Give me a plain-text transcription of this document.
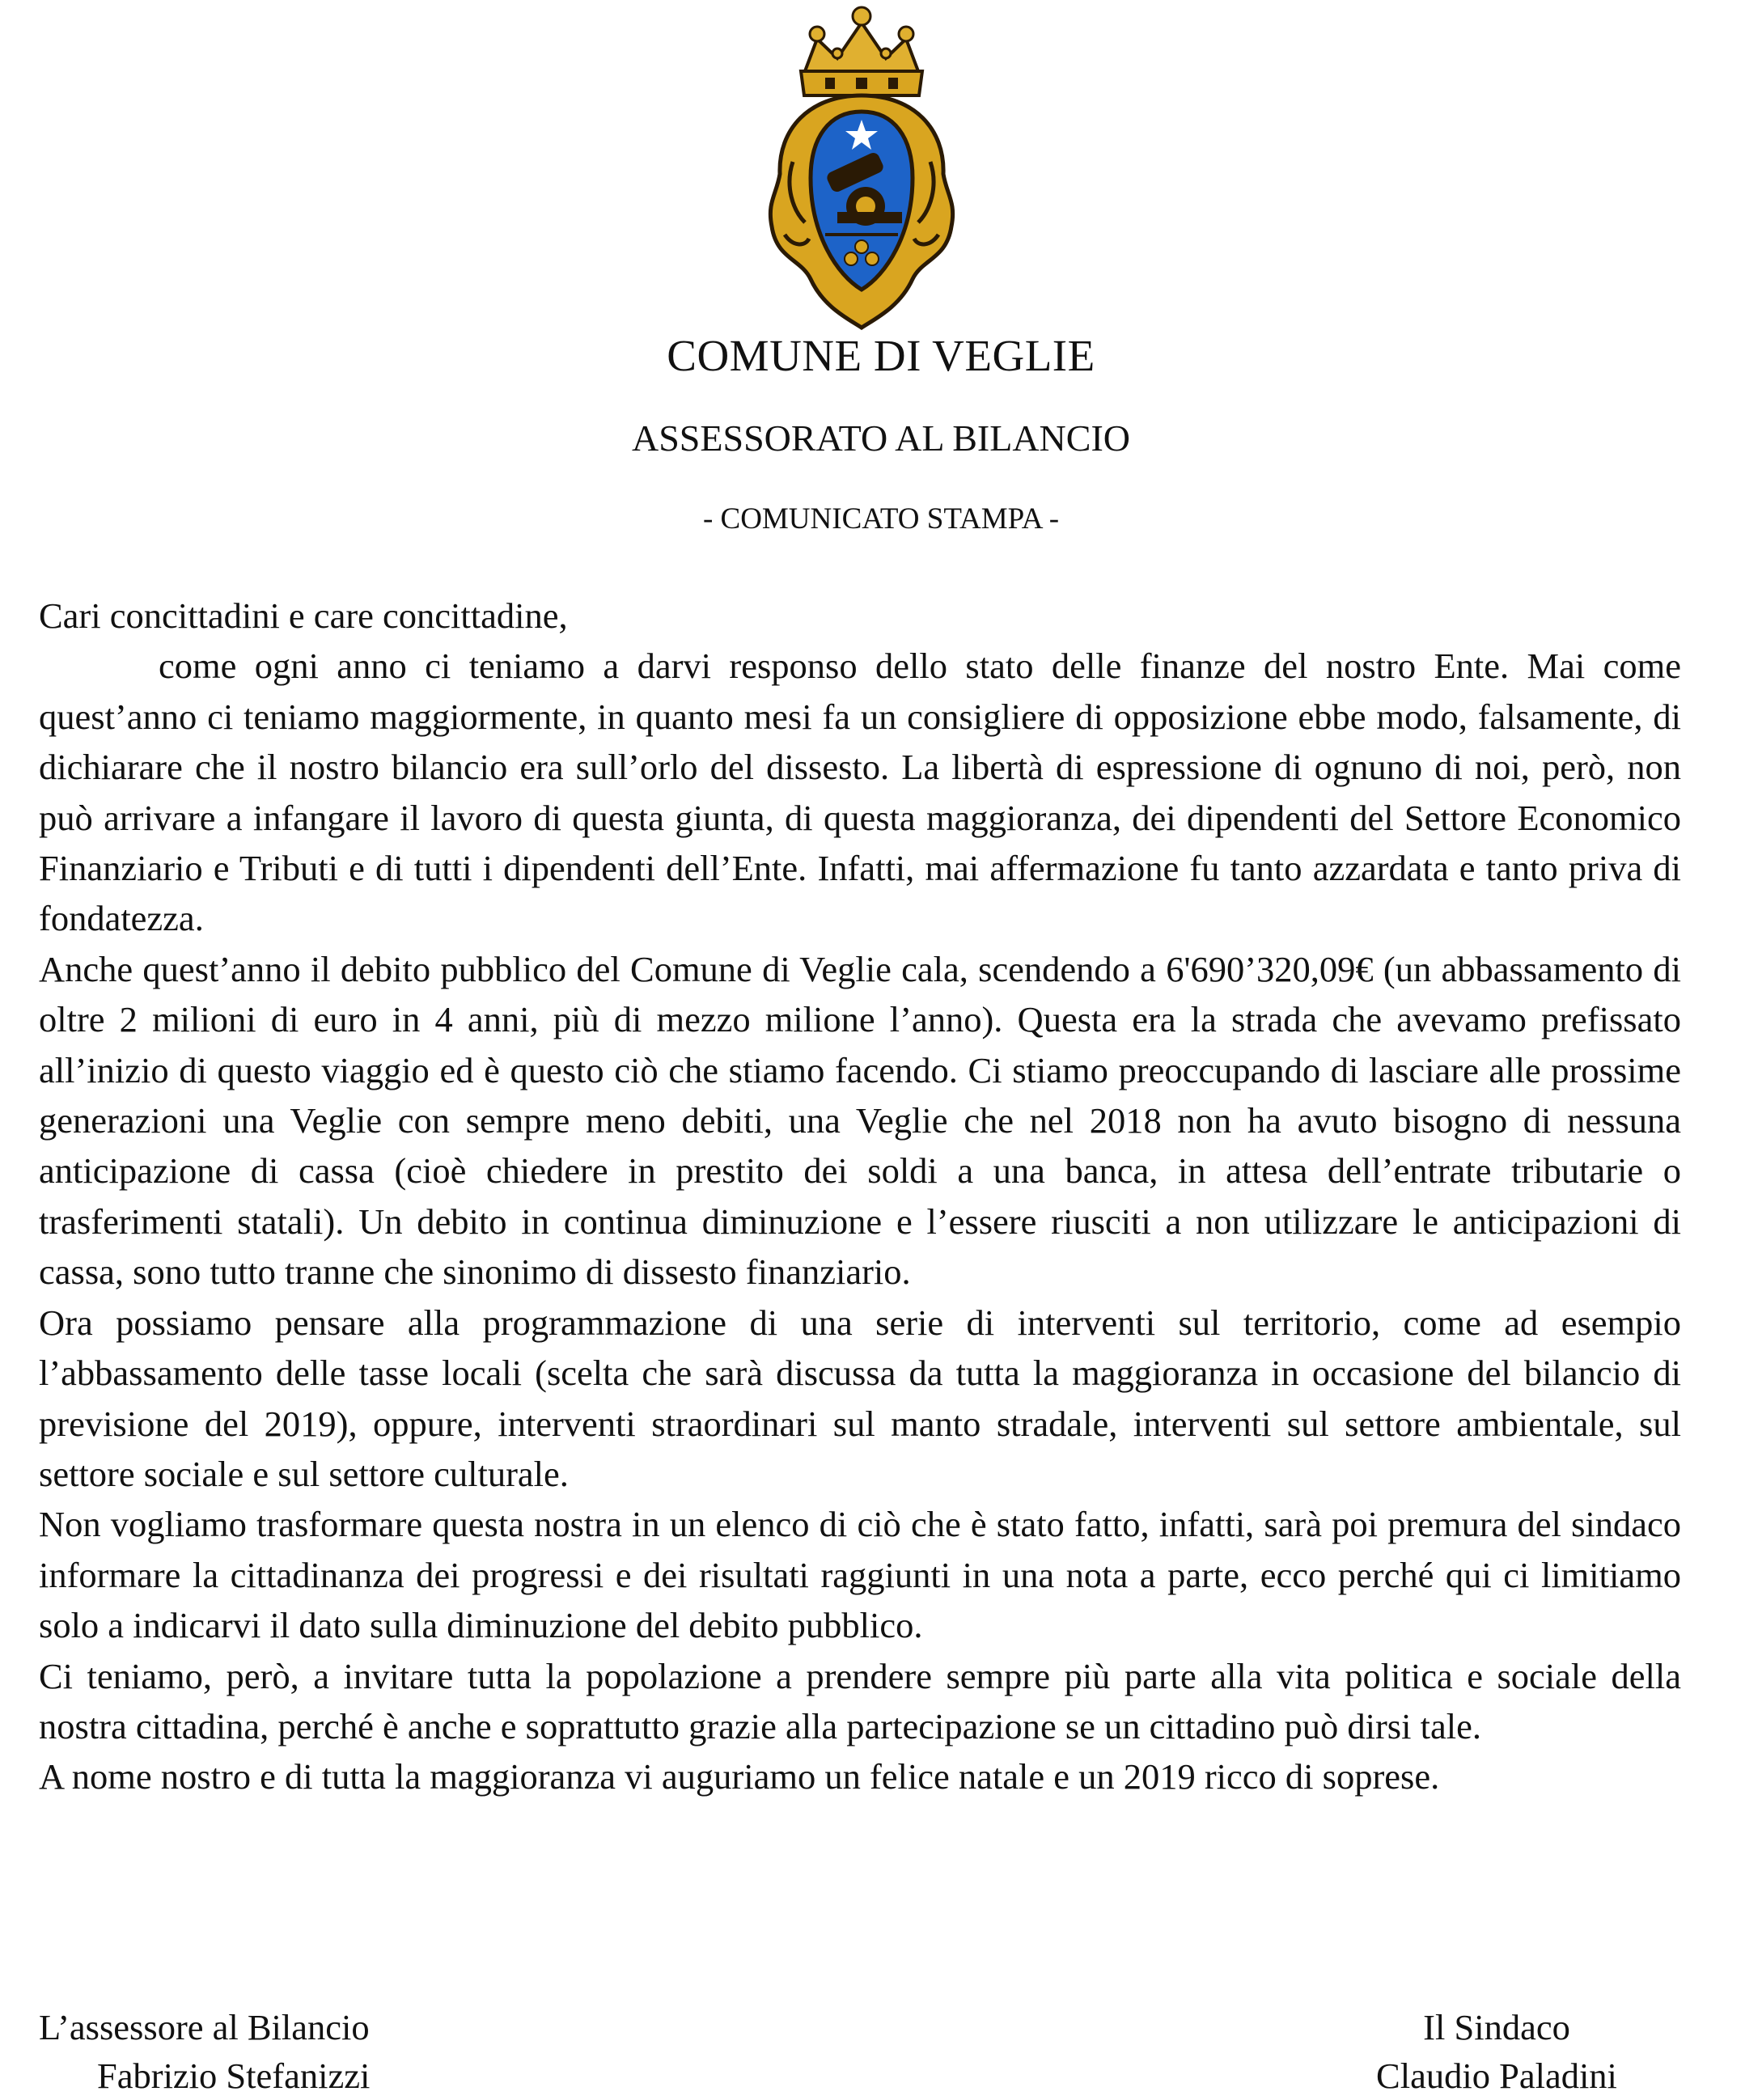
COMUNE DI VEGLIE
ASSESSORATO AL BILANCIO
- COMUNICATO STAMPA -

Cari concittadini e care concittadine,

come ogni anno ci teniamo a darvi responso dello stato delle finanze del nostro Ente. Mai come quest’anno ci teniamo maggiormente, in quanto mesi fa un consigliere di opposizione ebbe modo, falsamente, di dichiarare che il nostro bilancio era sull’orlo del dissesto. La libertà di espressione di ognuno di noi, però, non può arrivare a infangare il lavoro di questa giunta, di questa maggioranza, dei dipendenti del Settore Economico Finanziario e Tributi e di tutti i dipendenti dell’Ente. Infatti, mai affermazione fu tanto azzardata e tanto priva di fondatezza.

Anche quest’anno il debito pubblico del Comune di Veglie cala, scendendo a 6'690’320,09€ (un abbassamento di oltre 2 milioni di euro in 4 anni, più di mezzo milione l’anno). Questa era la strada che avevamo prefissato all’inizio di questo viaggio ed è questo ciò che stiamo facendo. Ci stiamo preoccupando di lasciare alle prossime generazioni una Veglie con sempre meno debiti, una Veglie che nel 2018 non ha avuto bisogno di nessuna anticipazione di cassa (cioè chiedere in prestito dei soldi a una banca, in attesa dell’entrate tributarie o trasferimenti statali). Un debito in continua diminuzione e l’essere riusciti a non utilizzare le anticipazioni di cassa, sono tutto tranne che sinonimo di dissesto finanziario.

Ora possiamo pensare alla programmazione di una serie di interventi sul territorio, come ad esempio l’abbassamento delle tasse locali (scelta che sarà discussa da tutta la maggioranza in occasione del bilancio di previsione del 2019), oppure, interventi straordinari sul manto stradale, interventi sul settore ambientale, sul settore sociale e sul settore culturale.

Non vogliamo trasformare questa nostra in un elenco di ciò che è stato fatto, infatti, sarà poi premura del sindaco informare la cittadinanza dei progressi e dei risultati raggiunti in una nota a parte, ecco perché qui ci limitiamo solo a indicarvi il dato sulla diminuzione del debito pubblico.

Ci teniamo, però, a invitare tutta la popolazione a prendere sempre più parte alla vita politica e sociale della nostra cittadina, perché è anche e soprattutto grazie alla partecipazione se un cittadino può dirsi tale.

A nome nostro e di tutta la maggioranza vi auguriamo un felice natale e un 2019 ricco di soprese.

L’assessore al Bilancio
Fabrizio Stefanizzi
Il Sindaco
Claudio Paladini
